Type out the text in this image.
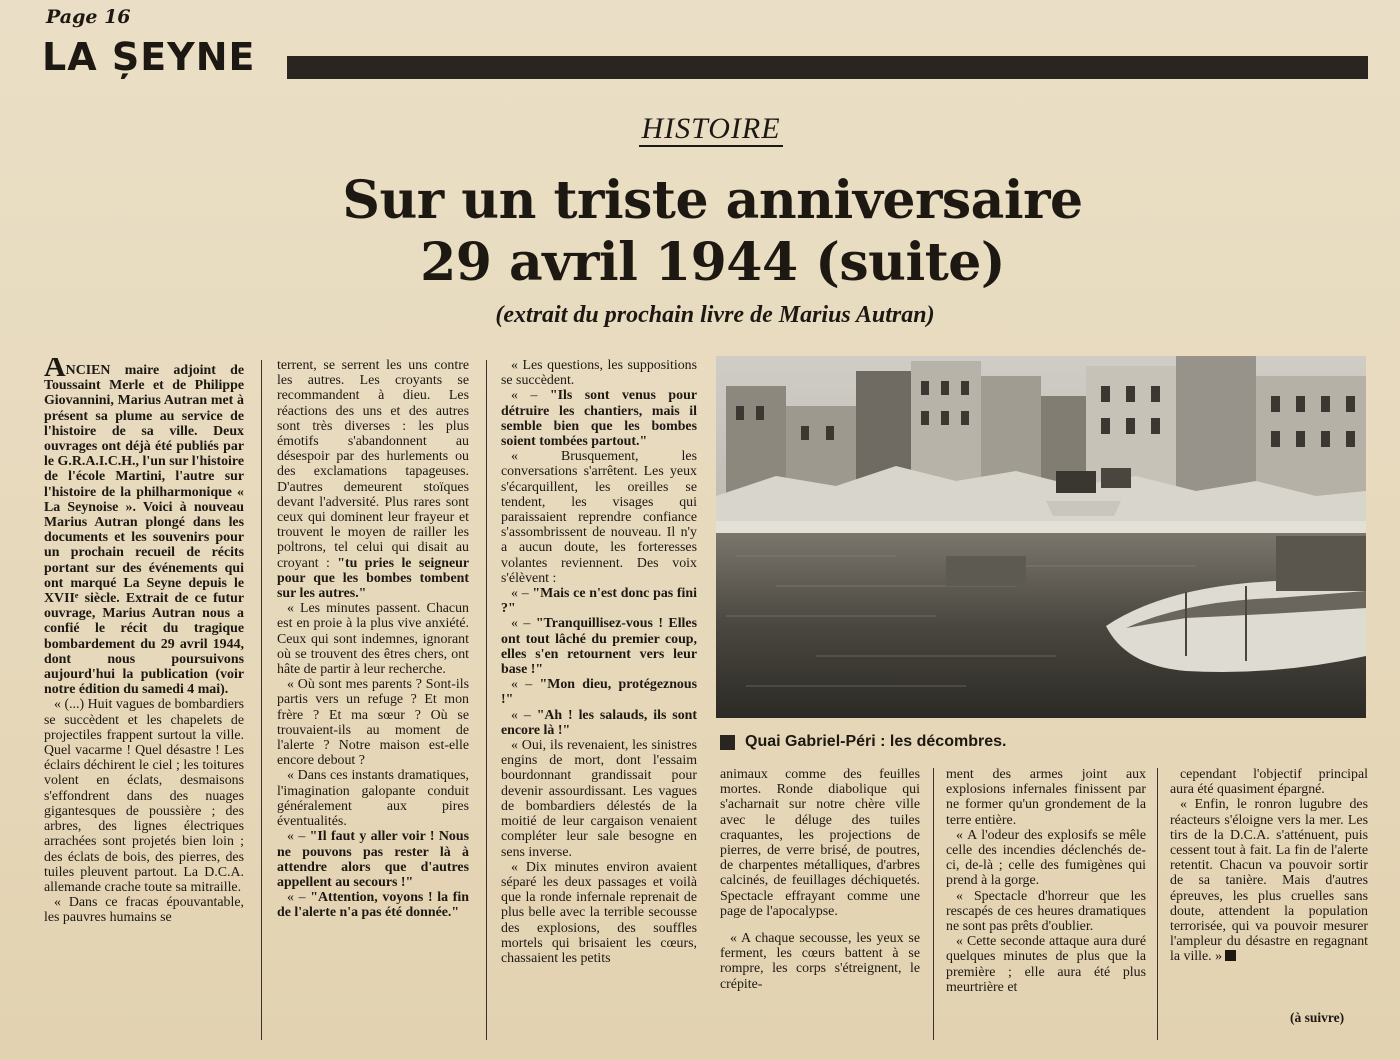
Page 16
LA ȘEYNE
HISTOIRE
Sur un triste anniversaire
29 avril 1944 (suite)
(extrait du prochain livre de Marius Autran)

ANCIEN maire adjoint de Toussaint Merle et de Philippe Giovannini, Marius Autran met à présent sa plume au service de l'histoire de sa ville. Deux ouvrages ont déjà été publiés par le G.R.A.I.C.H., l'un sur l'histoire de l'école Martini, l'autre sur l'histoire de la philharmonique « La Seynoise ». Voici à nouveau Marius Autran plongé dans les documents et les souvenirs pour un prochain recueil de récits portant sur des événements qui ont marqué La Seyne depuis le XVIIᵉ siècle. Extrait de ce futur ouvrage, Marius Autran nous a confié le récit du tragique bombardement du 29 avril 1944, dont nous poursuivons aujourd'hui la publication (voir notre édition du samedi 4 mai).

« (...) Huit vagues de bombardiers se succèdent et les chapelets de projectiles frappent surtout la ville. Quel vacarme ! Quel désastre ! Les éclairs déchirent le ciel ; les toitures volent en éclats, desmaisons s'effondrent dans des nuages gigantesques de poussière ; des arbres, des lignes électriques arrachées sont projetés bien loin ; des éclats de bois, des pierres, des tuiles pleuvent partout. La D.C.A. allemande crache toute sa mitraille.

« Dans ce fracas épouvantable, les pauvres humains se

terrent, se serrent les uns contre les autres. Les croyants se recommandent à dieu. Les réactions des uns et des autres sont très diverses : les plus émotifs s'abandonnent au désespoir par des hurlements ou des exclamations tapageuses. D'autres demeurent stoïques devant l'adversité. Plus rares sont ceux qui dominent leur frayeur et trouvent le moyen de railler les poltrons, tel celui qui disait au croyant : "tu pries le seigneur pour que les bombes tombent sur les autres."

« Les minutes passent. Chacun est en proie à la plus vive anxiété. Ceux qui sont indemnes, ignorant où se trouvent des êtres chers, ont hâte de partir à leur recherche.

« Où sont mes parents ? Sont-ils partis vers un refuge ? Et mon frère ? Et ma sœur ? Où se trouvaient-ils au moment de l'alerte ? Notre maison est-elle encore debout ?

« Dans ces instants dramatiques, l'imagination galopante conduit généralement aux pires éventualités.

« – "Il faut y aller voir ! Nous ne pouvons pas rester là à attendre alors que d'autres appellent au secours !"

« – "Attention, voyons ! la fin de l'alerte n'a pas été donnée."

« Les questions, les suppositions se succèdent.

« – "Ils sont venus pour détruire les chantiers, mais il semble bien que les bombes soient tombées partout."

« Brusquement, les conversations s'arrêtent. Les yeux s'écarquillent, les oreilles se tendent, les visages qui paraissaient reprendre confiance s'assombrissent de nouveau. Il n'y a aucun doute, les forteresses volantes reviennent. Des voix s'élèvent :

« – "Mais ce n'est donc pas fini ?"

« – "Tranquillisez-vous ! Elles ont tout lâché du premier coup, elles s'en retournent vers leur base !"

« – "Mon dieu, protégeznous !"

« – "Ah ! les salauds, ils sont encore là !"

« Oui, ils revenaient, les sinistres engins de mort, dont l'essaim bourdonnant grandissait pour devenir assourdissant. Les vagues de bombardiers délestés de la moitié de leur cargaison venaient compléter leur sale besogne en sens inverse.

« Dix minutes environ avaient séparé les deux passages et voilà que la ronde infernale reprenait de plus belle avec la terrible secousse des explosions, des souffles mortels qui brisaient les cœurs, chassaient les petits

Quai Gabriel-Péri : les décombres.

animaux comme des feuilles mortes. Ronde diabolique qui s'acharnait sur notre chère ville avec le déluge des tuiles craquantes, les projections de pierres, de verre brisé, de poutres, de charpentes métalliques, d'arbres calcinés, de feuillages déchiquetés. Spectacle effrayant comme une page de l'apocalypse.

« A chaque secousse, les yeux se ferment, les cœurs battent à se rompre, les corps s'étreignent, le crépite-

ment des armes joint aux explosions infernales finissent par ne former qu'un grondement de la terre entière.

« A l'odeur des explosifs se mêle celle des incendies déclenchés de-ci, de-là ; celle des fumigènes qui prend à la gorge.

« Spectacle d'horreur que les rescapés de ces heures dramatiques ne sont pas prêts d'oublier.

« Cette seconde attaque aura duré quelques minutes de plus que la première ; elle aura été plus meurtrière et

cependant l'objectif principal aura été quasiment épargné.

« Enfin, le ronron lugubre des réacteurs s'éloigne vers la mer. Les tirs de la D.C.A. s'atténuent, puis cessent tout à fait. La fin de l'alerte retentit. Chacun va pouvoir sortir de sa tanière. Mais d'autres épreuves, les plus cruelles sans doute, attendent la population terrorisée, qui va pouvoir mesurer l'ampleur du désastre en regagnant la ville. »

(à suivre)
